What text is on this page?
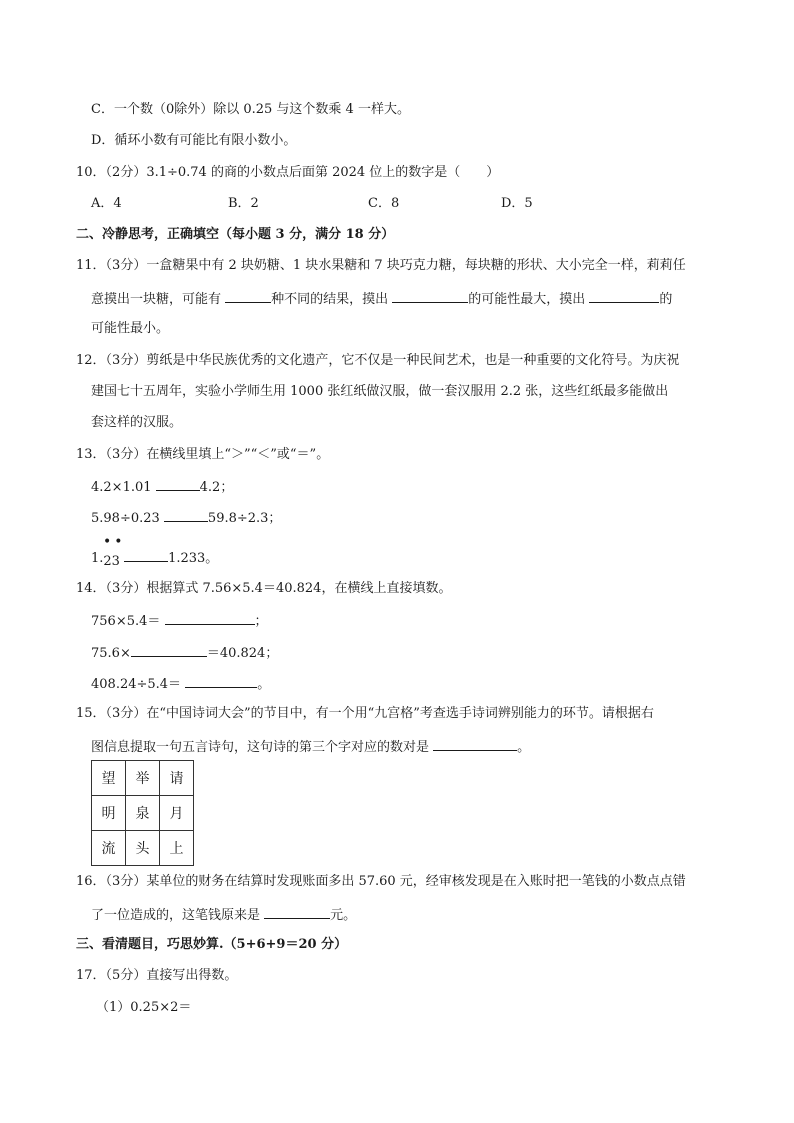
C．一个数（0除外）除以 0.25 与这个数乘 4 一样大。
D．循环小数有可能比有限小数小。
10．（2分）3.1÷0.74 的商的小数点后面第 2024 位上的数字是（　　）
A．4	B．2	C．8	D．5
二、冷静思考，正确填空（每小题 3 分，满分 18 分）
11．（3分）一盒糖果中有 2 块奶糖、1 块水果糖和 7 块巧克力糖，每块糖的形状、大小完全一样，莉莉任
意摸出一块糖，可能有	种不同的结果，摸出	的可能性最大，摸出	的
可能性最小。
12．（3分）剪纸是中华民族优秀的文化遗产，它不仅是一种民间艺术，也是一种重要的文化符号。为庆祝
建国七十五周年，实验小学师生用 1000 张红纸做汉服，做一套汉服用 2.2 张，这些红纸最多能做出
套这样的汉服。
13．（3分）在横线里填上“＞”“＜”或“＝”。
4.2×1.01	4.2；
5.98÷0.23	59.8÷2.3；
••
1.23	1.233。
14．（3分）根据算式 7.56×5.4＝40.824，在横线上直接填数。
756×5.4＝	；
75.6×	＝40.824；
408.24÷5.4＝	。
15．（3分）在“中国诗词大会”的节目中，有一个用“九宫格”考查选手诗词辨别能力的环节。请根据右
图信息提取一句五言诗句，这句诗的第三个字对应的数对是	。
望	举	请
明	泉	月
流	头	上
16．（3分）某单位的财务在结算时发现账面多出 57.60 元，经审核发现是在入账时把一笔钱的小数点点错
了一位造成的，这笔钱原来是	元。
三、看清题目，巧思妙算.（5+6+9＝20 分）
17．（5分）直接写出得数。
（1）0.25×2＝
